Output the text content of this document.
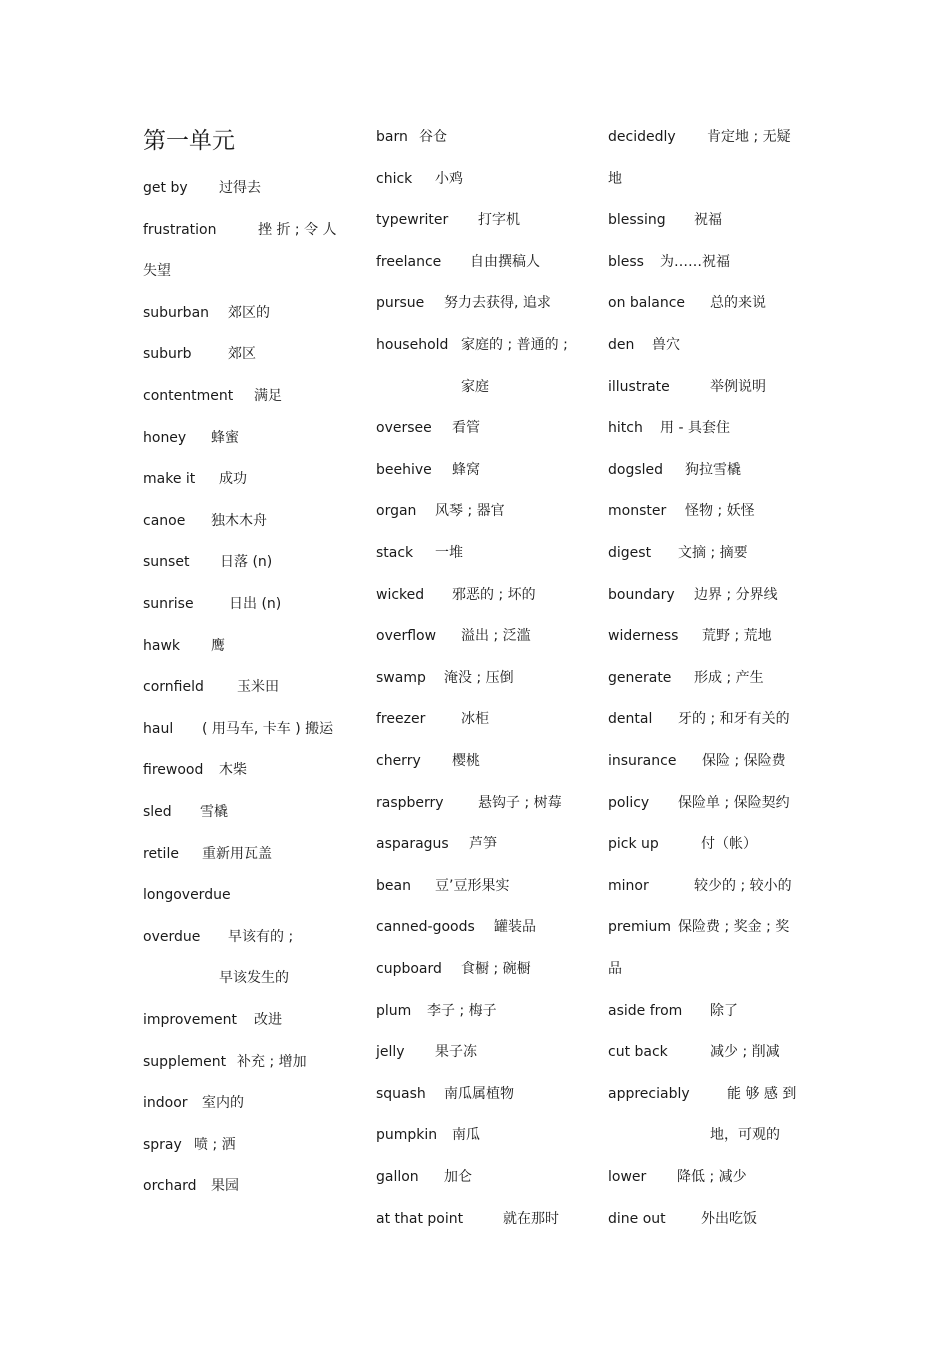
第一单元
get by 过得去
frustration	挫 折 ; 令 人
失望
suburban 郊区的
suburb	郊区
contentment 满足
honey 蜂蜜
make it 成功
canoe 独木木舟
sunset 日落 (n)
sunrise	日出 (n)
hawk 鹰
cornfield 玉米田
haul ( 用马车, 卡车 ) 搬运
firewood 木柴
sled 雪橇
retile 重新用瓦盖
longoverdue
overdue 早该有的 ;
早该发生的
improvement 改进
supplement 补充 ; 增加
indoor 室内的
spray 喷 ; 洒
orchard 果园
barn 谷仓
chick 小鸡
typewriter 打字机
freelance 自由撰稿人
pursue 努力去获得, 追求
household 家庭的 ; 普通的 ;
家庭
oversee 看管
beehive 蜂窝
organ 风琴 ; 器官
stack 一堆
wicked 邪恶的 ; 坏的
overflow 溢出 ; 泛滥
swamp 淹没 ; 压倒
freezer	冰柜
cherry 樱桃
raspberry 悬钩子 ; 树莓
asparagus 芦笋
bean 豆’豆形果实
canned-goods 罐装品
cupboard 食橱 ; 碗橱
plum 李子 ; 梅子
jelly 果子冻
squash 南瓜属植物
pumpkin 南瓜
gallon 加仑
at that point	就在那时
decidedly 肯定地 ; 无疑
地
blessing 祝福
bless 为……祝福
on balance 总的来说
den 兽穴
illustrate	举例说明
hitch 用 - 具套住
dogsled 狗拉雪橇
monster 怪物 ; 妖怪
digest 文摘 ; 摘要
boundary 边界 ; 分界线
widerness 荒野 ; 荒地
generate 形成 ; 产生
dental 牙的 ; 和牙有关的
insurance 保险 ; 保险费
policy 保险单 ; 保险契约
pick up	付（帐）
minor	较少的 ; 较小的
premium 保险费 ; 奖金 ; 奖
品
aside from 除了
cut back	减少 ; 削减
appreciably	能 够 感 到
地，可观的
lower 降低 ; 减少
dine out	外出吃饭
